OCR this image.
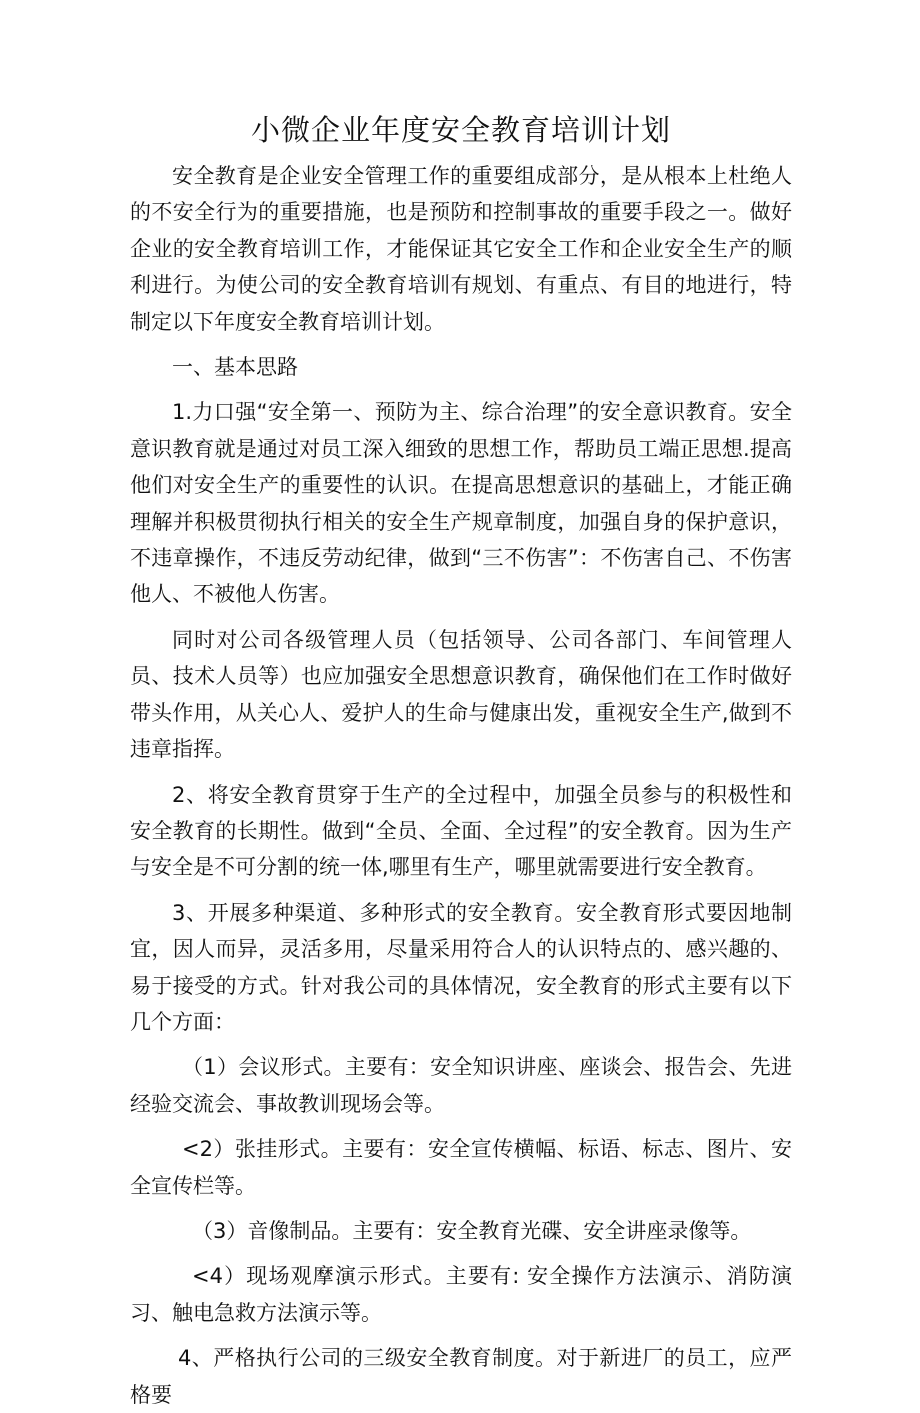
小微企业年度安全教育培训计划

安全教育是企业安全管理工作的重要组成部分，是从根本上杜绝人的不安全行为的重要措施，也是预防和控制事故的重要手段之一。做好企业的安全教育培训工作，才能保证其它安全工作和企业安全生产的顺利进行。为使公司的安全教育培训有规划、有重点、有目的地进行，特制定以下年度安全教育培训计划。

一、基本思路

1.力口强“安全第一、预防为主、综合治理”的安全意识教育。安全意识教育就是通过对员工深入细致的思想工作，帮助员工端正思想.提高他们对安全生产的重要性的认识。在提高思想意识的基础上，才能正确理解并积极贯彻执行相关的安全生产规章制度，加强自身的保护意识，不违章操作，不违反劳动纪律，做到“三不伤害”：不伤害自己、不伤害他人、不被他人伤害。

同时对公司各级管理人员（包括领导、公司各部门、车间管理人员、技术人员等）也应加强安全思想意识教育，确保他们在工作时做好带头作用，从关心人、爱护人的生命与健康出发，重视安全生产,做到不违章指挥。

2、将安全教育贯穿于生产的全过程中，加强全员参与的积极性和安全教育的长期性。做到“全员、全面、全过程”的安全教育。因为生产与安全是不可分割的统一体,哪里有生产，哪里就需要进行安全教育。

3、开展多种渠道、多种形式的安全教育。安全教育形式要因地制宜，因人而异，灵活多用，尽量采用符合人的认识特点的、感兴趣的、易于接受的方式。针对我公司的具体情况，安全教育的形式主要有以下几个方面：

（1）会议形式。主要有：安全知识讲座、座谈会、报告会、先进经验交流会、事故教训现场会等。

<2）张挂形式。主要有：安全宣传横幅、标语、标志、图片、安全宣传栏等。

（3）音像制品。主要有：安全教育光碟、安全讲座录像等。

<4）现场观摩演示形式。主要有: 安全操作方法演示、消防演习、触电急救方法演示等。

4、严格执行公司的三级安全教育制度。对于新进厂的员工，应严格要
